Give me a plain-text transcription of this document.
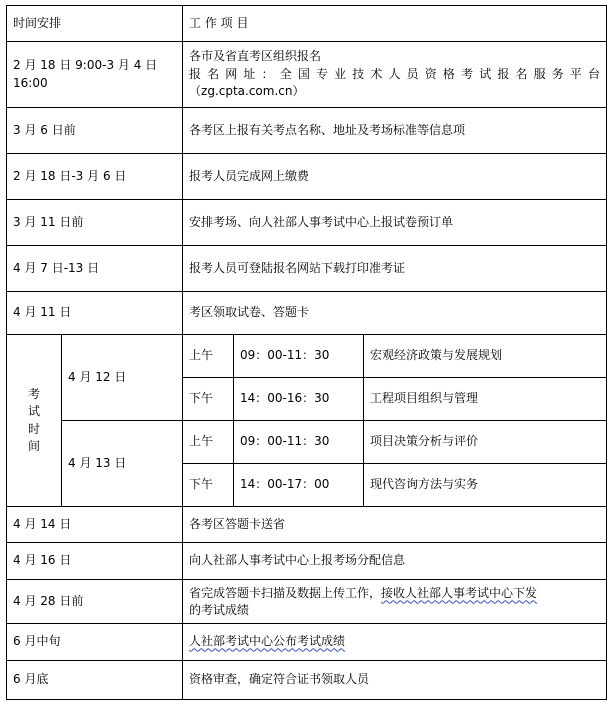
时间安排		工 作 项 目		
2 月 18 日 9:00-3 月 4 日 16:00		各市及省直考区组织报名
报名网址：全国专业技术人员资格考试报名服务平台
（zg.cpta.com.cn）		

3 月 6 日前		各考区上报有关考点名称、地址及考场标准等信息项		
2 月 18 日-3 月 6 日		报考人员完成网上缴费		
3 月 11 日前		安排考场、向人社部人事考试中心上报试卷预订单		
4 月 7 日-13 日		报考人员可登陆报名网站下载打印准考证		
4 月 11 日		考区领取试卷、答题卡		

考 试
时 间	4 月 12 日	上午	09：00-11：30	宏观经济政策与发展规划
		下午	14：00-16：30	工程项目组织与管理
	4 月 13 日	上午	09：00-11：30	项目决策分析与评价
		下午	14：00-17：00	现代咨询方法与实务
4 月 14 日		各考区答题卡送省		
4 月 16 日		向人社部人事考试中心上报考场分配信息		
4 月 28 日前		省完成答题卡扫描及数据上传工作，接收人社部人事考试中心下发
的考试成绩		
6 月中旬		人社部考试中心公布考试成绩		
6 月底		资格审查，确定符合证书领取人员		
